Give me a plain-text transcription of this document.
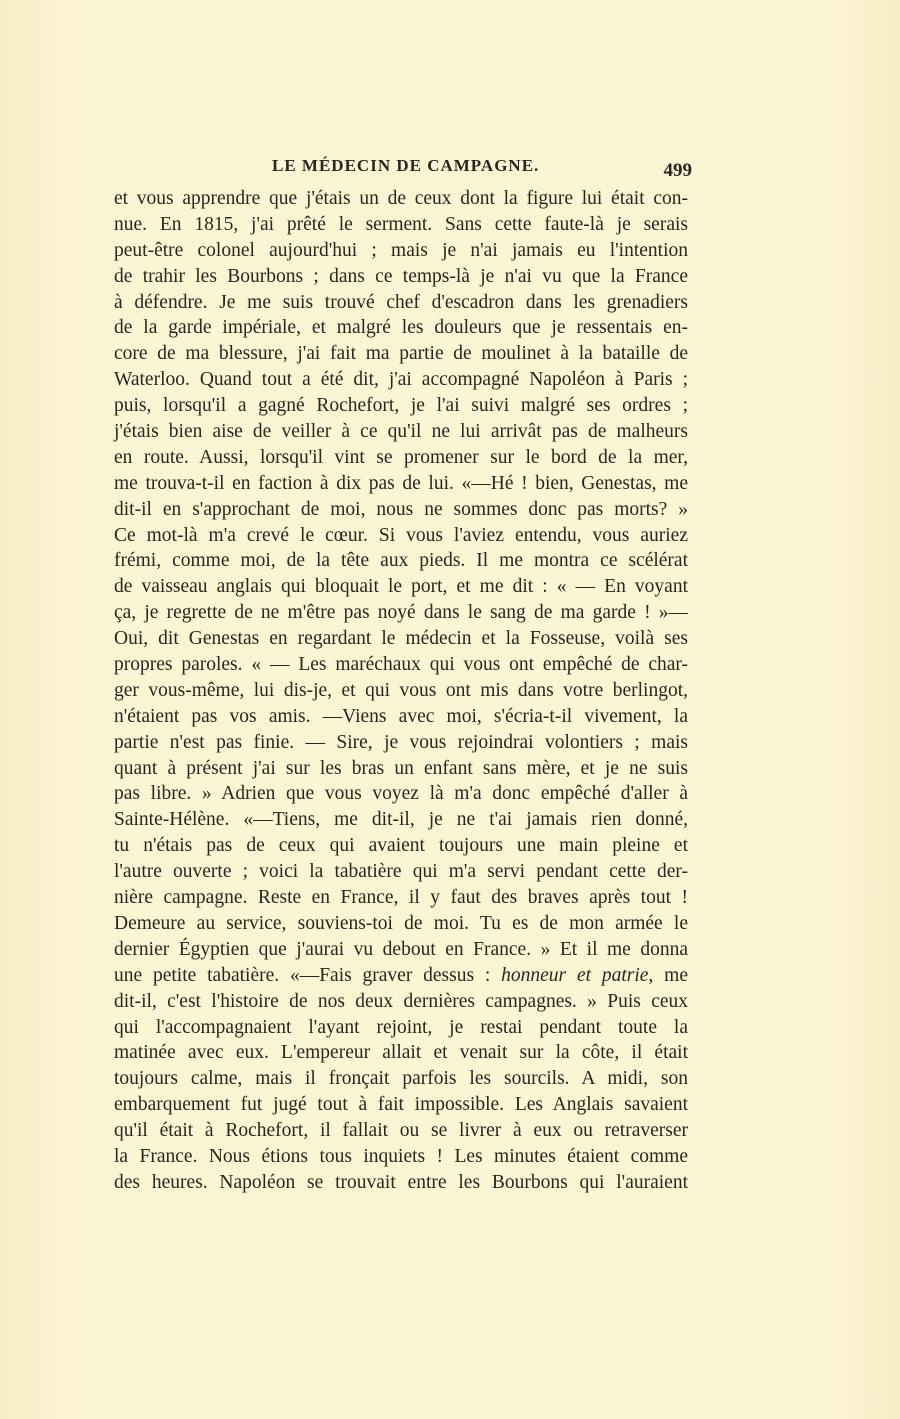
LE MÉDECIN DE CAMPAGNE.	499
et vous apprendre que j'étais un de ceux dont la figure lui était con-
nue. En 1815, j'ai prêté le serment. Sans cette faute-là je serais
peut-être colonel aujourd'hui ; mais je n'ai jamais eu l'intention
de trahir les Bourbons ; dans ce temps-là je n'ai vu que la France
à défendre. Je me suis trouvé chef d'escadron dans les grenadiers
de la garde impériale, et malgré les douleurs que je ressentais en-
core de ma blessure, j'ai fait ma partie de moulinet à la bataille de
Waterloo. Quand tout a été dit, j'ai accompagné Napoléon à Paris ;
puis, lorsqu'il a gagné Rochefort, je l'ai suivi malgré ses ordres ;
j'étais bien aise de veiller à ce qu'il ne lui arrivât pas de malheurs
en route. Aussi, lorsqu'il vint se promener sur le bord de la mer,
me trouva-t-il en faction à dix pas de lui. «—Hé ! bien, Genestas, me
dit-il en s'approchant de moi, nous ne sommes donc pas morts? »
Ce mot-là m'a crevé le cœur. Si vous l'aviez entendu, vous auriez
frémi, comme moi, de la tête aux pieds. Il me montra ce scélérat
de vaisseau anglais qui bloquait le port, et me dit : « — En voyant
ça, je regrette de ne m'être pas noyé dans le sang de ma garde ! »—
Oui, dit Genestas en regardant le médecin et la Fosseuse, voilà ses
propres paroles. « — Les maréchaux qui vous ont empêché de char-
ger vous-même, lui dis-je, et qui vous ont mis dans votre berlingot,
n'étaient pas vos amis. —Viens avec moi, s'écria-t-il vivement, la
partie n'est pas finie. — Sire, je vous rejoindrai volontiers ; mais
quant à présent j'ai sur les bras un enfant sans mère, et je ne suis
pas libre. » Adrien que vous voyez là m'a donc empêché d'aller à
Sainte-Hélène. «—Tiens, me dit-il, je ne t'ai jamais rien donné,
tu n'étais pas de ceux qui avaient toujours une main pleine et
l'autre ouverte ; voici la tabatière qui m'a servi pendant cette der-
nière campagne. Reste en France, il y faut des braves après tout !
Demeure au service, souviens-toi de moi. Tu es de mon armée le
dernier Égyptien que j'aurai vu debout en France. » Et il me donna
une petite tabatière. «—Fais graver dessus : honneur et patrie, me
dit-il, c'est l'histoire de nos deux dernières campagnes. » Puis ceux
qui l'accompagnaient l'ayant rejoint, je restai pendant toute la
matinée avec eux. L'empereur allait et venait sur la côte, il était
toujours calme, mais il fronçait parfois les sourcils. A midi, son
embarquement fut jugé tout à fait impossible. Les Anglais savaient
qu'il était à Rochefort, il fallait ou se livrer à eux ou retraverser
la France. Nous étions tous inquiets ! Les minutes étaient comme
des heures. Napoléon se trouvait entre les Bourbons qui l'auraient
